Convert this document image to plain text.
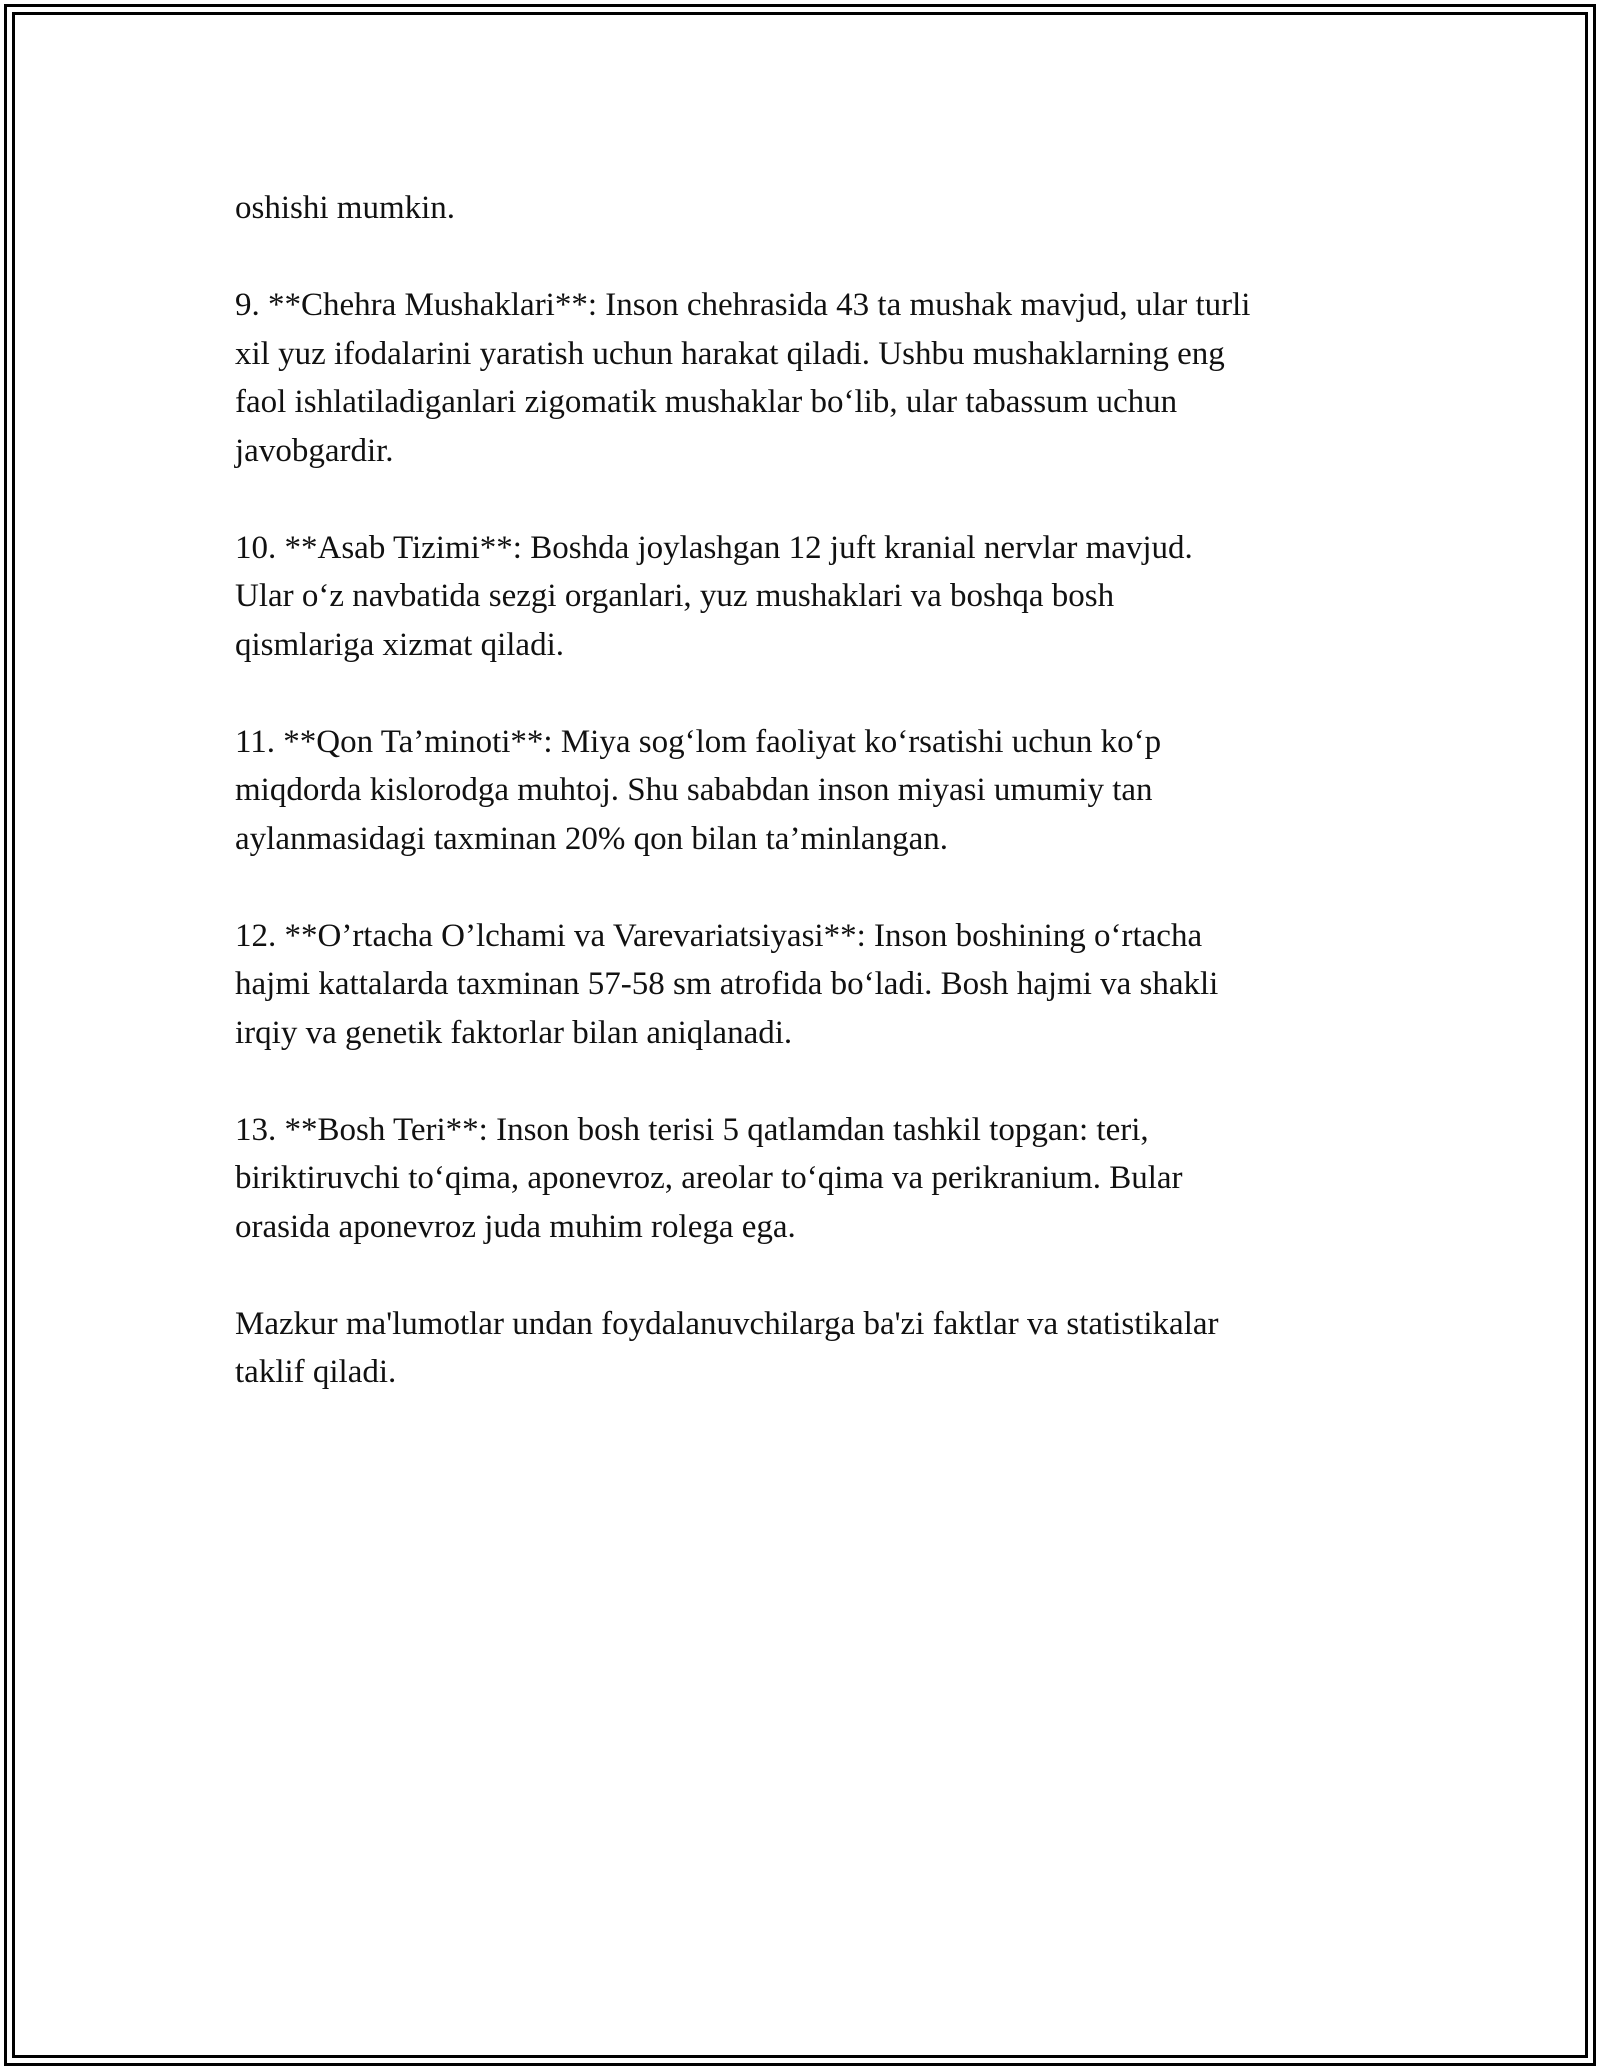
oshishi mumkin.

9. **Chehra Mushaklari**: Inson chehrasida 43 ta mushak mavjud, ular turli
xil yuz ifodalarini yaratish uchun harakat qiladi. Ushbu mushaklarning eng
faol ishlatiladiganlari zigomatik mushaklar bo‘lib, ular tabassum uchun
javobgardir.

10. **Asab Tizimi**: Boshda joylashgan 12 juft kranial nervlar mavjud.
Ular o‘z navbatida sezgi organlari, yuz mushaklari va boshqa bosh
qismlariga xizmat qiladi.

11. **Qon Ta’minoti**: Miya sog‘lom faoliyat ko‘rsatishi uchun ko‘p
miqdorda kislorodga muhtoj. Shu sababdan inson miyasi umumiy tan
aylanmasidagi taxminan 20% qon bilan ta’minlangan.

12. **O’rtacha O’lchami va Varevariatsiyasi**: Inson boshining o‘rtacha
hajmi kattalarda taxminan 57-58 sm atrofida bo‘ladi. Bosh hajmi va shakli
irqiy va genetik faktorlar bilan aniqlanadi.

13. **Bosh Teri**: Inson bosh terisi 5 qatlamdan tashkil topgan: teri,
biriktiruvchi to‘qima, aponevroz, areolar to‘qima va perikranium. Bular
orasida aponevroz juda muhim rolega ega.

Mazkur ma'lumotlar undan foydalanuvchilarga ba'zi faktlar va statistikalar
taklif qiladi.
